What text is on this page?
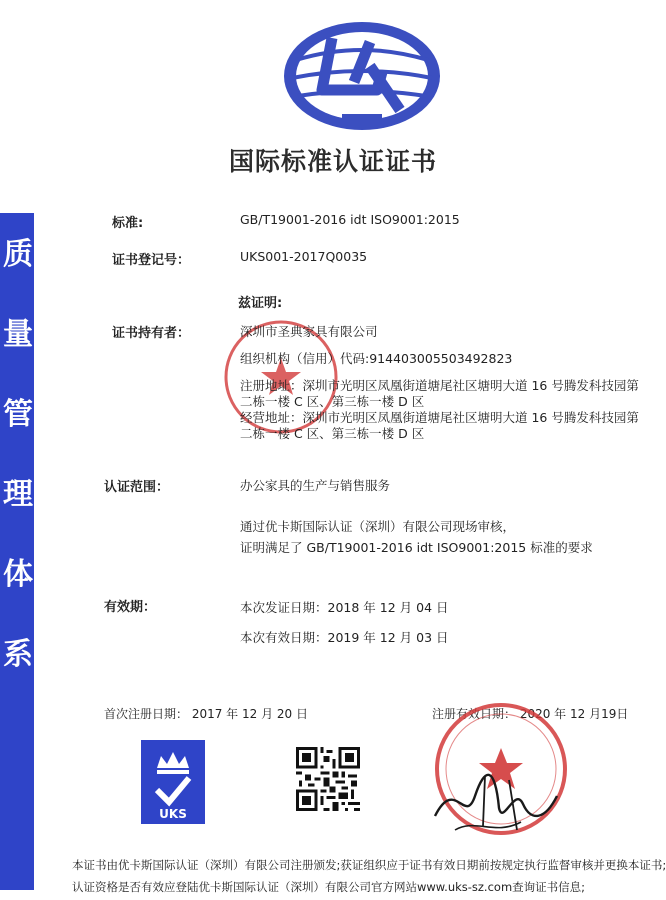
国际标准认证证书
质
量
管
理
体
系
标准:	GB/T19001-2016 idt ISO9001:2015
证书登记号：	UKS001-2017Q0035
兹证明:
证书持有者：	深圳市圣典家具有限公司
组织机构（信用）代码:914403005503492823
注册地址：深圳市光明区凤凰街道塘尾社区塘明大道 16 号腾发科技园第
二栋一楼 C 区、第三栋一楼 D 区
经营地址：深圳市光明区凤凰街道塘尾社区塘明大道 16 号腾发科技园第
二栋一楼 C 区、第三栋一楼 D 区
认证范围：	办公家具的生产与销售服务
通过优卡斯国际认证（深圳）有限公司现场审核，
证明满足了 GB/T19001-2016 idt ISO9001:2015 标准的要求
有效期：	本次发证日期：2018 年 12 月 04 日
本次有效日期：2019 年 12 月 03 日
首次注册日期： 2017 年 12 月 20 日	注册有效日期： 2020 年 12 月19日
UKS
本证书由优卡斯国际认证（深圳）有限公司注册颁发;获证组织应于证书有效日期前按规定执行监督审核并更换本证书;
认证资格是否有效应登陆优卡斯国际认证（深圳）有限公司官方网站www.uks-sz.com查询证书信息;
